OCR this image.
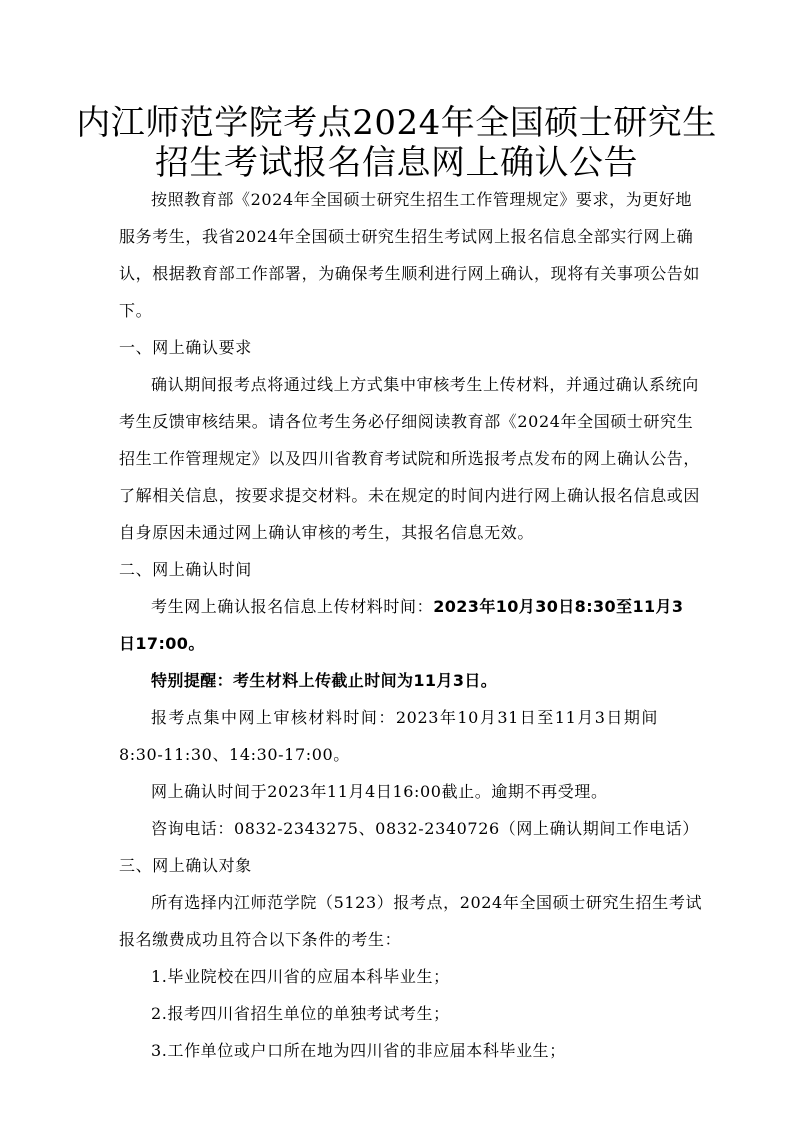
内江师范学院考点2024年全国硕士研究生
招生考试报名信息网上确认公告
按照教育部《2024年全国硕士研究生招生工作管理规定》要求，为更好地
服务考生，我省2024年全国硕士研究生招生考试网上报名信息全部实行网上确
认，根据教育部工作部署，为确保考生顺利进行网上确认，现将有关事项公告如
下。
一、网上确认要求
确认期间报考点将通过线上方式集中审核考生上传材料，并通过确认系统向
考生反馈审核结果。请各位考生务必仔细阅读教育部《2024年全国硕士研究生
招生工作管理规定》以及四川省教育考试院和所选报考点发布的网上确认公告，
了解相关信息，按要求提交材料。未在规定的时间内进行网上确认报名信息或因
自身原因未通过网上确认审核的考生，其报名信息无效。
二、网上确认时间
考生网上确认报名信息上传材料时间： 2023年10月30日8:30至11月3
日17:00。
特别提醒：考生材料上传截止时间为11月3日。
报考点集中网上审核材料时间：2023年10月31日至11月3日期间
8:30-11:30、14:30-17:00。
网上确认时间于2023年11月4日16:00截止。逾期不再受理。
咨询电话：0832-2343275、0832-2340726（网上确认期间工作电话）
三、网上确认对象
所有选择内江师范学院（5123）报考点，2024年全国硕士研究生招生考试
报名缴费成功且符合以下条件的考生：
1.毕业院校在四川省的应届本科毕业生；
2.报考四川省招生单位的单独考试考生；
3.工作单位或户口所在地为四川省的非应届本科毕业生；
